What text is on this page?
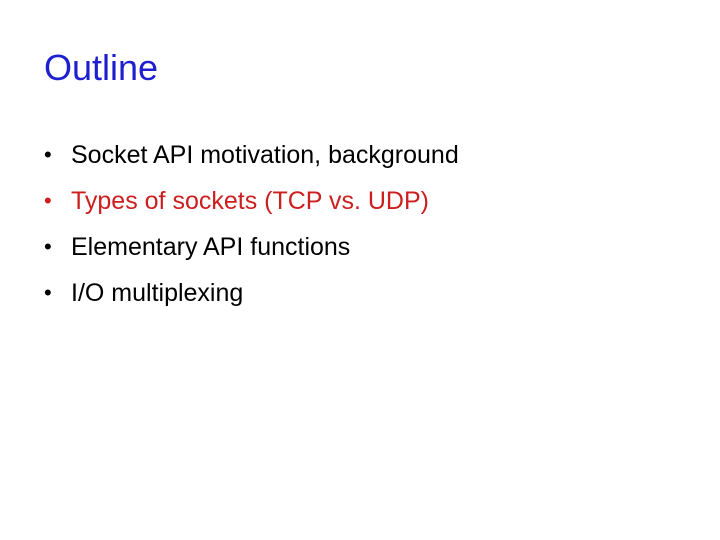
Outline
• Socket API motivation, background
• Types of sockets (TCP vs. UDP)
• Elementary API functions
• I/O multiplexing
